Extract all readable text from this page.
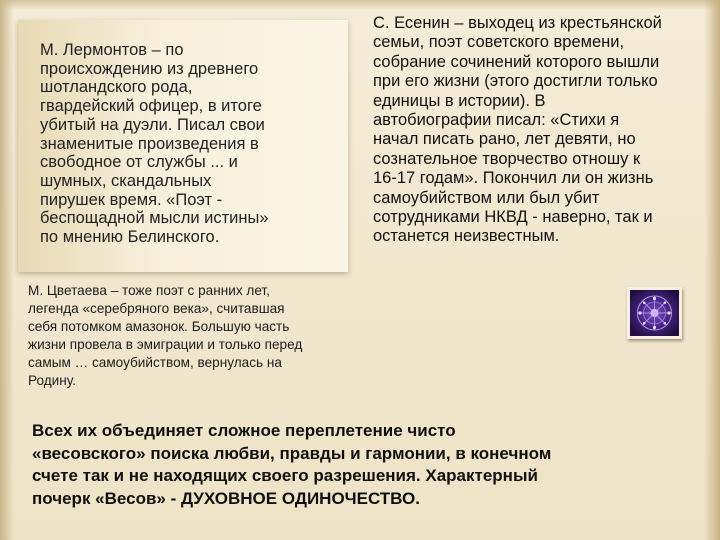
М. Лермонтов – по
происхождению из древнего
шотландского рода,
гвардейский офицер, в итоге
убитый на дуэли. Писал свои
знаменитые произведения в
свободное от службы ... и
шумных, скандальных
пирушек время. «Поэт -
беспощадной мысли истины»
по мнению Белинского.

С. Есенин – выходец из крестьянской
семьи, поэт советского времени,
собрание сочинений которого вышли
при его жизни (этого достигли только
единицы в истории). В
автобиографии писал: «Стихи я
начал писать рано, лет девяти, но
сознательное творчество отношу к
16-17 годам». Покончил ли он жизнь
самоубийством или был убит
сотрудниками НКВД - наверно, так и
останется неизвестным.

М. Цветаева – тоже поэт с ранних лет,
легенда «серебряного века», считавшая
себя потомком амазонок. Большую часть
жизни провела в эмиграции и только перед
самым … самоубийством, вернулась на
Родину.

Всех их объединяет сложное переплетение чисто
«весовского» поиска любви, правды и гармонии, в конечном
счете так и не находящих своего разрешения. Характерный
почерк «Весов» - ДУХОВНОЕ ОДИНОЧЕСТВО.
